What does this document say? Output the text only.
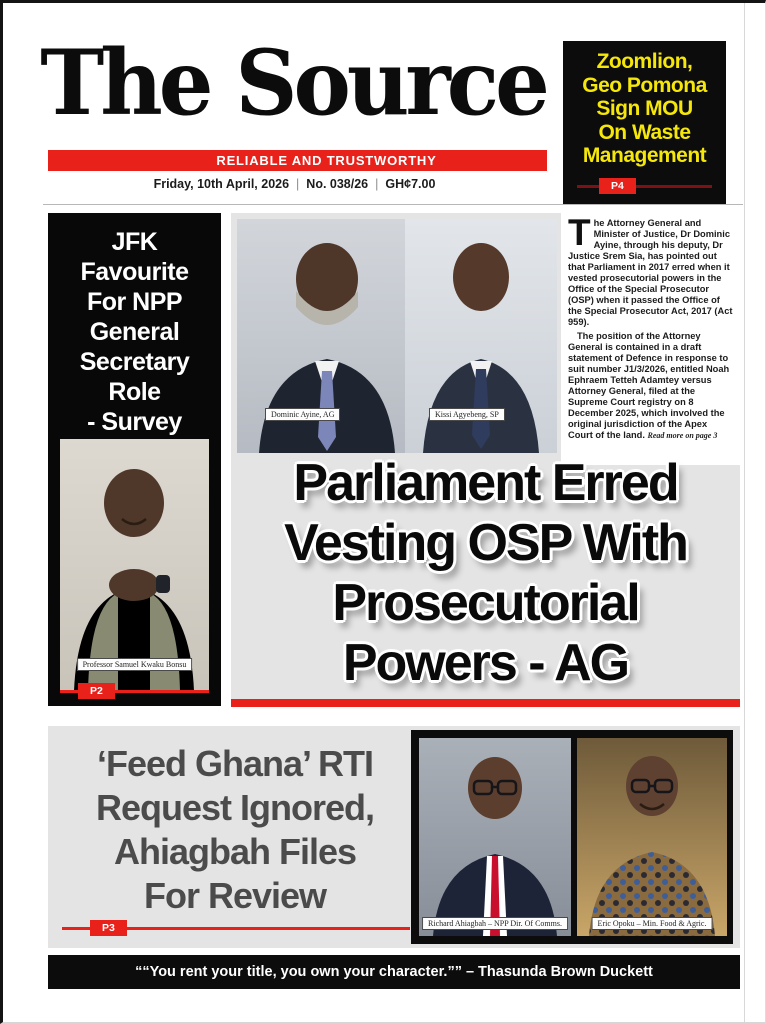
The Source
RELIABLE AND TRUSTWORTHY
Friday, 10th April, 2026 | No. 038/26 | GH¢7.00
Zoomlion,
Geo Pomona
Sign MOU
On Waste
Management
P4
JFK
Favourite
For NPP
General
Secretary
Role
- Survey
Professor Samuel Kwaku Bonsu
P2
Dominic Ayine, AG	Kissi Agyebeng, SP

The Attorney General and Minister of Justice, Dr Dominic Ayine, through his deputy, Dr Justice Srem Sia, has pointed out that Parliament in 2017 erred when it vested prosecutorial powers in the Office of the Special Prosecutor (OSP) when it passed the Office of the Special Prosecutor Act, 2017 (Act 959).

The position of the Attorney General is contained in a draft statement of Defence in response to suit number J1/3/2026, entitled Noah Ephraem Tetteh Adamtey versus Attorney General, filed at the Supreme Court registry on 8 December 2025, which involved the original jurisdiction of the Apex Court of the land. Read more on page 3

Parliament Erred
Vesting OSP With
Prosecutorial
Powers - AG
‘Feed Ghana’ RTI
Request Ignored,
Ahiagbah Files
For Review
P3	Richard Ahiagbah – NPP Dir. Of Comms.	Eric Opoku – Min. Food & Agric.
““You rent your title, you own your character.”” – Thasunda Brown Duckett
